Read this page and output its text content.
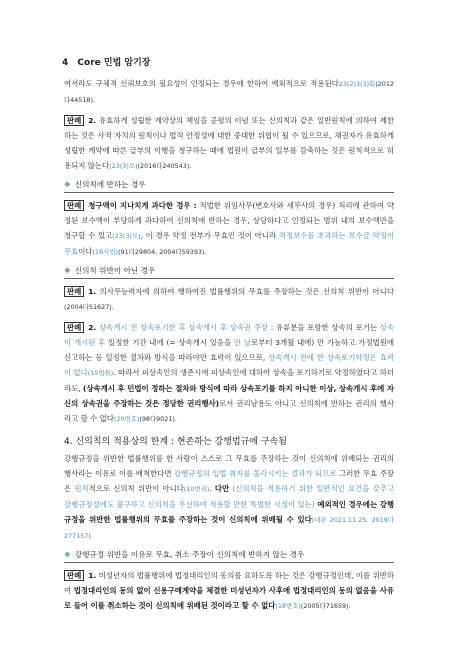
4 Core 민법 암기장

여서라도 구체적 신뢰보호의 필요성이 인정되는 경우에 한하여 예외적으로 적용된다23(2)3(3)회(2012다44518).

판례 2. 유효하게 성립한 계약상의 책임을 공평의 이념 또는 신의칙과 같은 일반원칙에 의하여 제한하는 것은 사적 자치의 원칙이나 법적 안정성에 대한 중대한 위협이 될 수 있으므로, 채권자가 유효하게 성립한 계약에 따른 급부의 이행을 청구하는 때에 법원이 급부의 일부를 감축하는 것은 원칙적으로 허용되지 않는다(23(3)모)(2016다240543).

❖ 신의칙에 반하는 경우

판례 청구액이 지나치게 과다한 경우 : 적법한 위임사무(변호사와 세무사의 경우) 처리에 관하여 약정된 보수액이 부당하게 과다하여 신의칙에 반하는 경우, 상당하다고 인정되는 범위 내의 보수액만을 청구할 수 있고(23(3)모), 이 경우 약정 전부가 무효인 것이 아니라 적정보수를 초과하는 보수금 약정이 무효이다(16사법)(91다29804, 2004다59393).

❖ 신의칙 위반이 아닌 경우

판례 1. 의사무능력자에 의하여 행하여진 법률행위의 무효를 주장하는 것은 신의칙 위반이 아니다(2004다51627).

판례 2. 상속개시 전 상속포기한 후 상속개시 후 상속권 주장 : 유류분을 포함한 상속의 포기는 상속이 개시된 후 일정한 기간 내에 (= 상속개시 있음을 안 날로부터 3개월 내에) 만 가능하고 가정법원에 신고하는 등 일정한 절차와 방식을 따라야만 효력이 있으므로, 상속개시 전에 한 상속포기약정은 효력이 없다(15법원). 따라서 피상속인의 생존시에 피상속인에 대하여 상속을 포기하기로 약정하였다고 하더라도, (상속개시 후 민법이 정하는 절차와 방식에 따라 상속포기를 하지 아니한 이상, 상속개시 후에 자신의 상속권을 주장하는 것은 정당한 권리행사)로서 권리남용도 아니고 신의칙에 반하는 권리의 행사라고 할 수 없다(20변호)(98다9021).

4. 신의칙의 적용상의 한계 : 현존하는 강행법규에 구속됨

강행규정을 위반한 법률행위를 한 사람이 스스로 그 무효를 주장하는 것이 신의칙에 위배되는 권리의 행사라는 이유로 이를 배척한다면 강행규정의 입법 취지를 몰각시키는 결과가 되므로 그러한 무효 주장은 원칙적으로 신의칙 위반이 아니다(10변리). 다만 (신의칙을 적용하기 위한 일반적인 요건을 갖추고 강행규정성에도 불구하고 신의칙을 우선하여 적용할 만한 특별한 사정이 있는) 예외적인 경우에는 강행규정을 위반한 법률행위의 무효를 주장하는 것이 신의칙에 위배될 수 있다(대판 2021.11.25. 2019다277157).

❖ 강행규정 위반을 이유로 무효, 취소 주장이 신의칙에 반하지 않는 경우

판례 1. 미성년자의 법률행위에 법정대리인의 동의를 요하도록 하는 것은 강행규정인데, 이를 위반하여 법정대리인의 동의 없이 신용구매계약을 체결한 미성년자가 사후에 법정대리인의 동의 없음을 사유로 들어 이를 취소하는 것이 신의칙에 위배된 것이라고 할 수 없다(18변호)(2005다71659).
